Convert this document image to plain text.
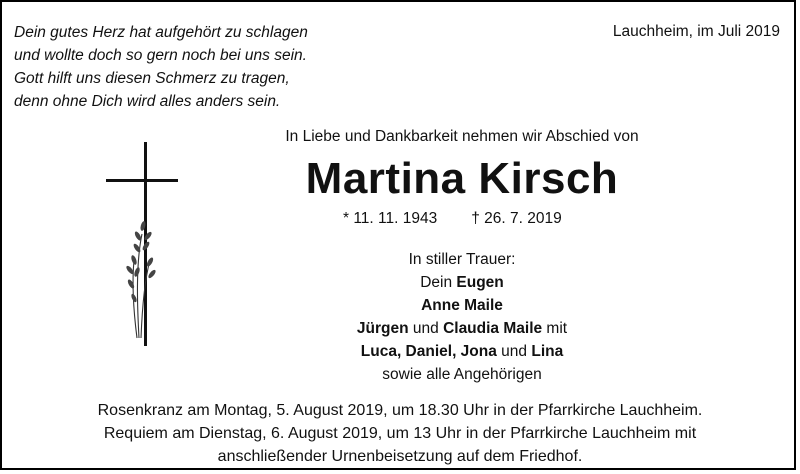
Dein gutes Herz hat aufgehört zu schlagen
und wollte doch so gern noch bei uns sein.
Gott hilft uns diesen Schmerz zu tragen,
denn ohne Dich wird alles anders sein.
Lauchheim, im Juli 2019
In Liebe und Dankbarkeit nehmen wir Abschied von
Martina Kirsch
* 11. 11. 1943 † 26. 7. 2019
In stiller Trauer:
Dein Eugen
Anne Maile
Jürgen und Claudia Maile mit
Luca, Daniel, Jona und Lina
sowie alle Angehörigen
Rosenkranz am Montag, 5. August 2019, um 18.30 Uhr in der Pfarrkirche Lauchheim.
Requiem am Dienstag, 6. August 2019, um 13 Uhr in der Pfarrkirche Lauchheim mit
anschließender Urnenbeisetzung auf dem Friedhof.
